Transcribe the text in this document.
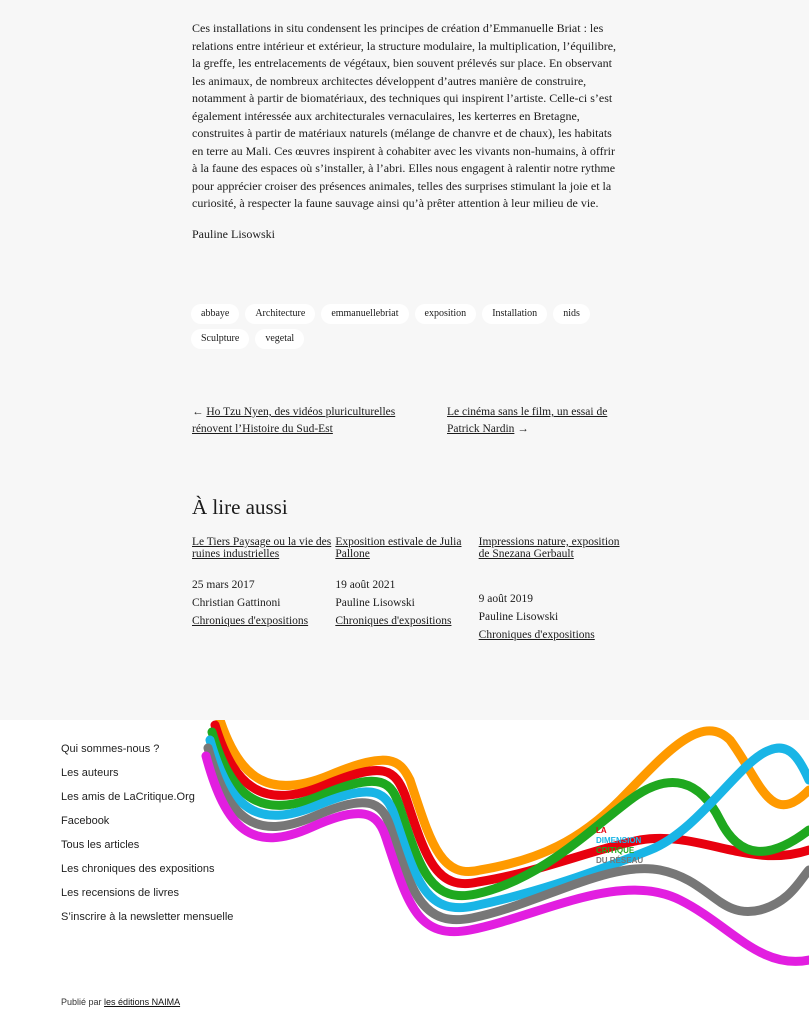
Ces installations in situ condensent les principes de création d’Emmanuelle Briat : les relations entre intérieur et extérieur, la structure modulaire, la multiplication, l’équilibre, la greffe, les entrelacements de végétaux, bien souvent prélevés sur place. En observant les animaux, de nombreux architectes développent d’autres manière de construire, notamment à partir de biomatériaux, des techniques qui inspirent l’artiste. Celle-ci s’est également intéressée aux architecturales vernaculaires, les kerterres en Bretagne, construites à partir de matériaux naturels (mélange de chanvre et de chaux), les habitats en terre au Mali. Ces œuvres inspirent à cohabiter avec les vivants non-humains, à offrir à la faune des espaces où s’installer, à l’abri. Elles nous engagent à ralentir notre rythme pour apprécier croiser des présences animales, telles des surprises stimulant la joie et la curiosité, à respecter la faune sauvage ainsi qu’à prêter attention à leur milieu de vie.

Pauline Lisowski

abbaye	Architecture	emmanuellebriat	exposition	Installation	nids
Sculpture	vegetal
← Ho Tzu Nyen, des vidéos pluriculturelles rénovent l’Histoire du Sud-Est
Le cinéma sans le film, un essai de Patrick Nardin →
À lire aussi
Le Tiers Paysage ou la vie des ruines industrielles
25 mars 2017
Christian Gattinoni
Chroniques d'expositions
Exposition estivale de Julia Pallone
19 août 2021
Pauline Lisowski
Chroniques d'expositions
Impressions nature, exposition de Snezana Gerbault
9 août 2019
Pauline Lisowski
Chroniques d'expositions
LA
DIMENSION
CRITIQUE
DU RÉSEAU
Qui sommes-nous ?
Les auteurs
Les amis de LaCritique.Org
Facebook
Tous les articles
Les chroniques des expositions
Les recensions de livres
S’inscrire à la newsletter mensuelle
Publié par les éditions NAIMA
